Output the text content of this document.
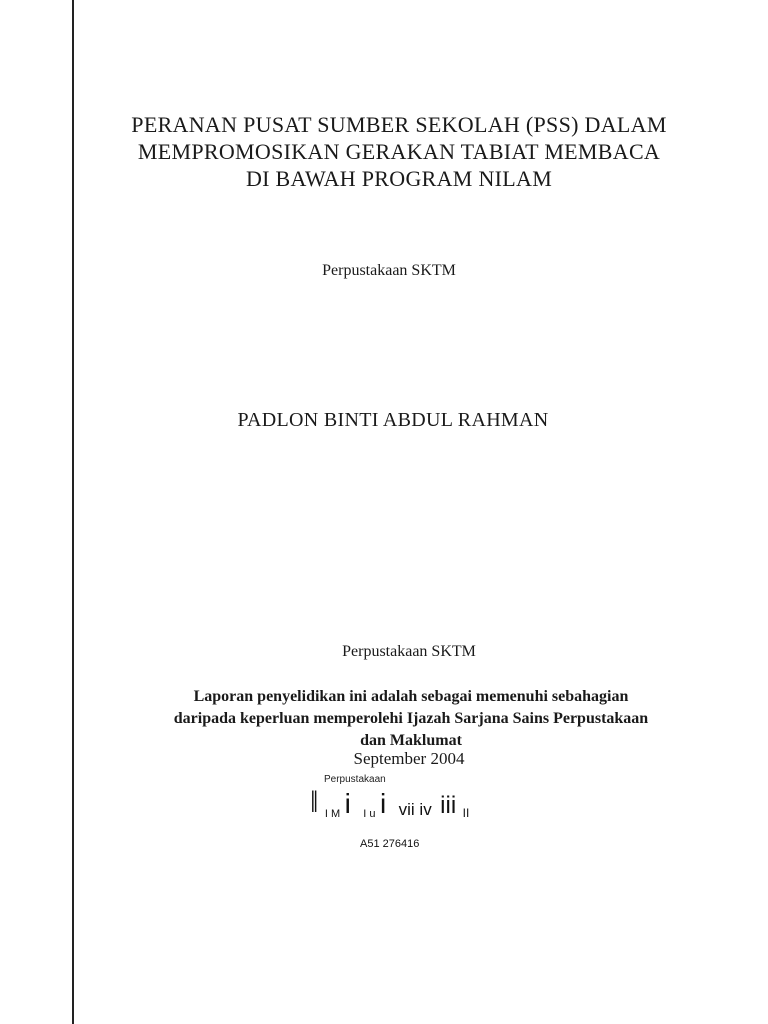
PERANAN PUSAT SUMBER SEKOLAH (PSS) DALAM
MEMPROMOSIKAN GERAKAN TABIAT MEMBACA
DI BAWAH PROGRAM NILAM
Perpustakaan SKTM
PADLON BINTI ABDUL RAHMAN
Perpustakaan SKTM
Laporan penyelidikan ini adalah sebagai memenuhi sebahagian
daripada keperluan memperolehi Ijazah Sarjana Sains Perpustakaan
dan Maklumat
September 2004
Perpustakaan
‖ I M i I u i vii iv iii II
A51 276416
